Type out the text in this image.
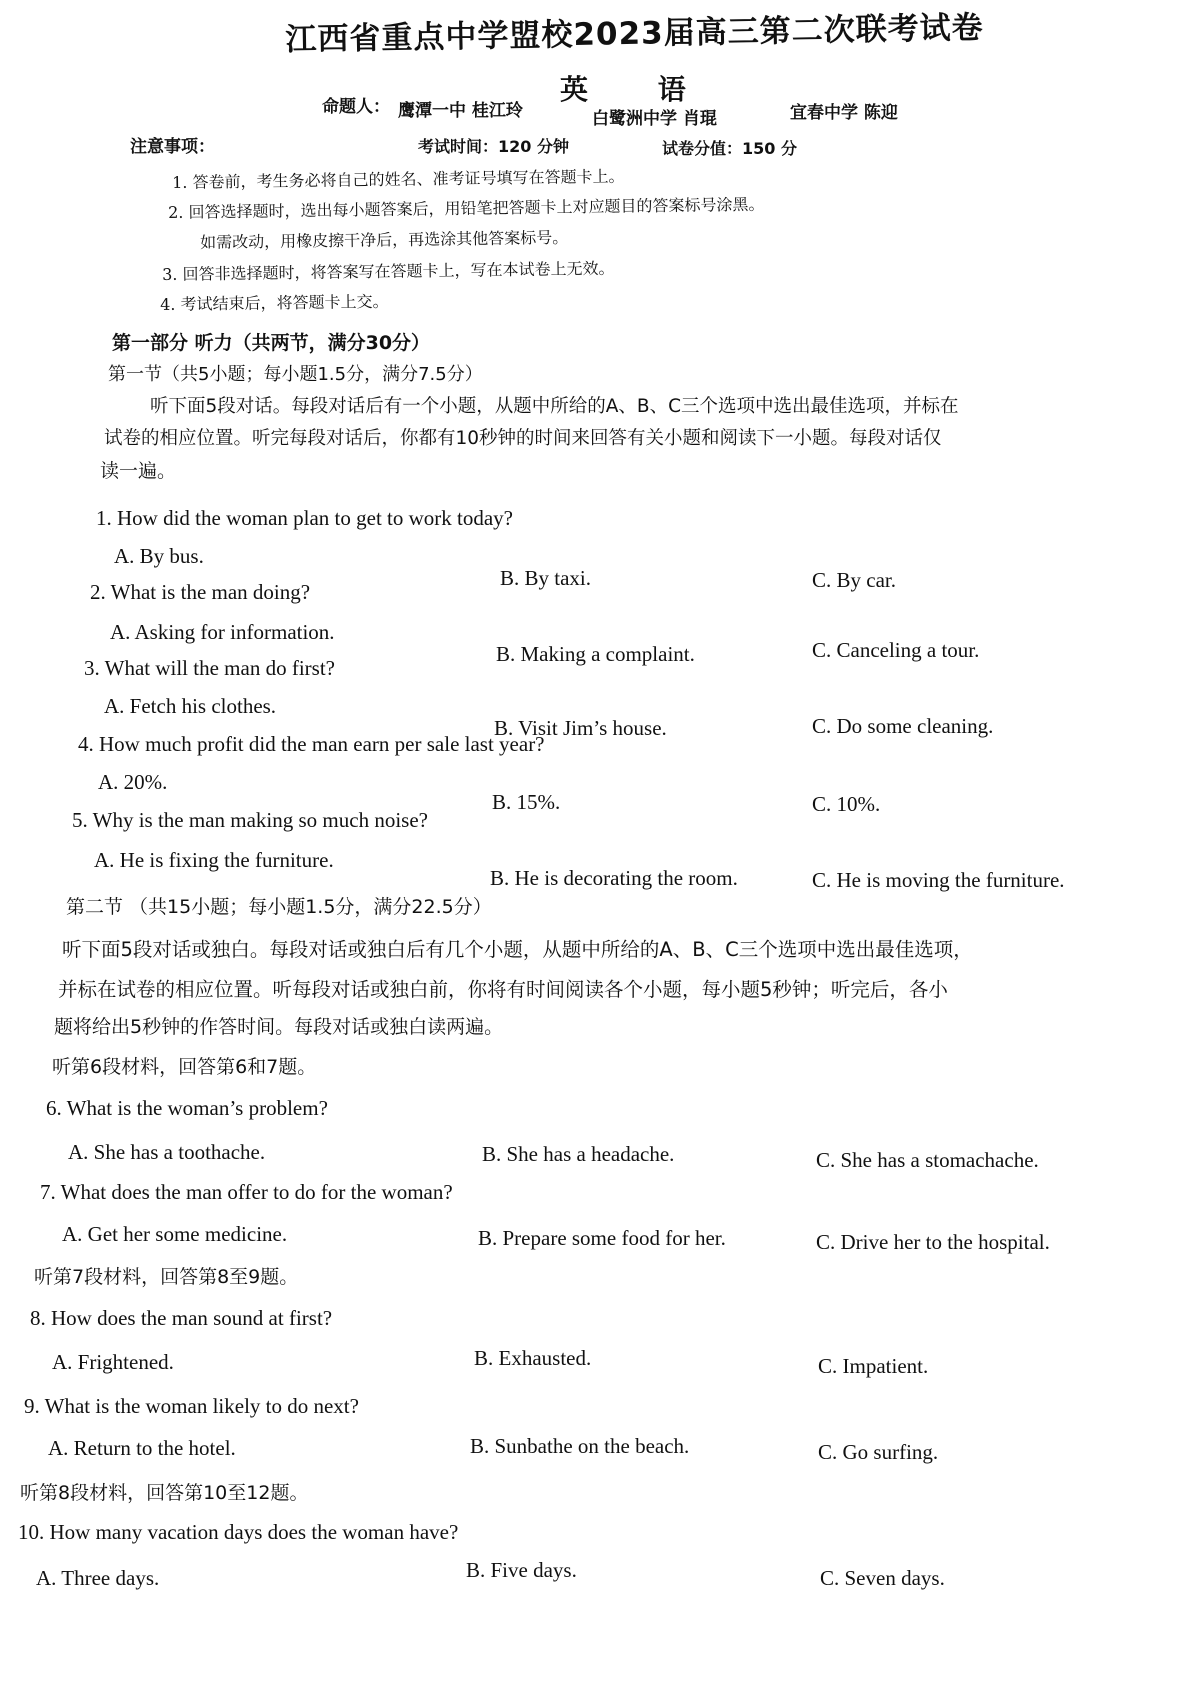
江西省重点中学盟校2023届高三第二次联考试卷
英 语
命题人： 鹰潭一中 桂江玲	白鹭洲中学 肖琨	宜春中学 陈迎
注意事项：	考试时间：120 分钟	试卷分值：150 分
1. 答卷前，考生务必将自己的姓名、准考证号填写在答题卡上。
2. 回答选择题时，选出每小题答案后，用铅笔把答题卡上对应题目的答案标号涂黑。
如需改动，用橡皮擦干净后，再选涂其他答案标号。
3. 回答非选择题时，将答案写在答题卡上，写在本试卷上无效。
4. 考试结束后，将答题卡上交。
第一部分 听力（共两节，满分30分）
第一节（共5小题；每小题1.5分，满分7.5分）
听下面5段对话。每段对话后有一个小题，从题中所给的A、B、C三个选项中选出最佳选项，并标在
试卷的相应位置。听完每段对话后，你都有10秒钟的时间来回答有关小题和阅读下一小题。每段对话仅
读一遍。
1. How did the woman plan to get to work today?
A. By bus.
B. By taxi.	C. By car.
2. What is the man doing?
A. Asking for information.
B. Making a complaint.	C. Canceling a tour.
3. What will the man do first?
A. Fetch his clothes.
B. Visit Jim’s house.	C. Do some cleaning.
4. How much profit did the man earn per sale last year?
A. 20%.
B. 15%.	C. 10%.
5. Why is the man making so much noise?
A. He is fixing the furniture.
B. He is decorating the room.	C. He is moving the furniture.
第二节 （共15小题；每小题1.5分，满分22.5分）
听下面5段对话或独白。每段对话或独白后有几个小题，从题中所给的A、B、C三个选项中选出最佳选项，
并标在试卷的相应位置。听每段对话或独白前，你将有时间阅读各个小题，每小题5秒钟；听完后，各小
题将给出5秒钟的作答时间。每段对话或独白读两遍。
听第6段材料，回答第6和7题。
6. What is the woman’s problem?
A. She has a toothache.	B. She has a headache.	C. She has a stomachache.
7. What does the man offer to do for the woman?
A. Get her some medicine.	B. Prepare some food for her.	C. Drive her to the hospital.
听第7段材料，回答第8至9题。
8. How does the man sound at first?
A. Frightened.	B. Exhausted.	C. Impatient.
9. What is the woman likely to do next?
A. Return to the hotel.	B. Sunbathe on the beach.	C. Go surfing.
听第8段材料，回答第10至12题。
10. How many vacation days does the woman have?
A. Three days.	B. Five days.	C. Seven days.
